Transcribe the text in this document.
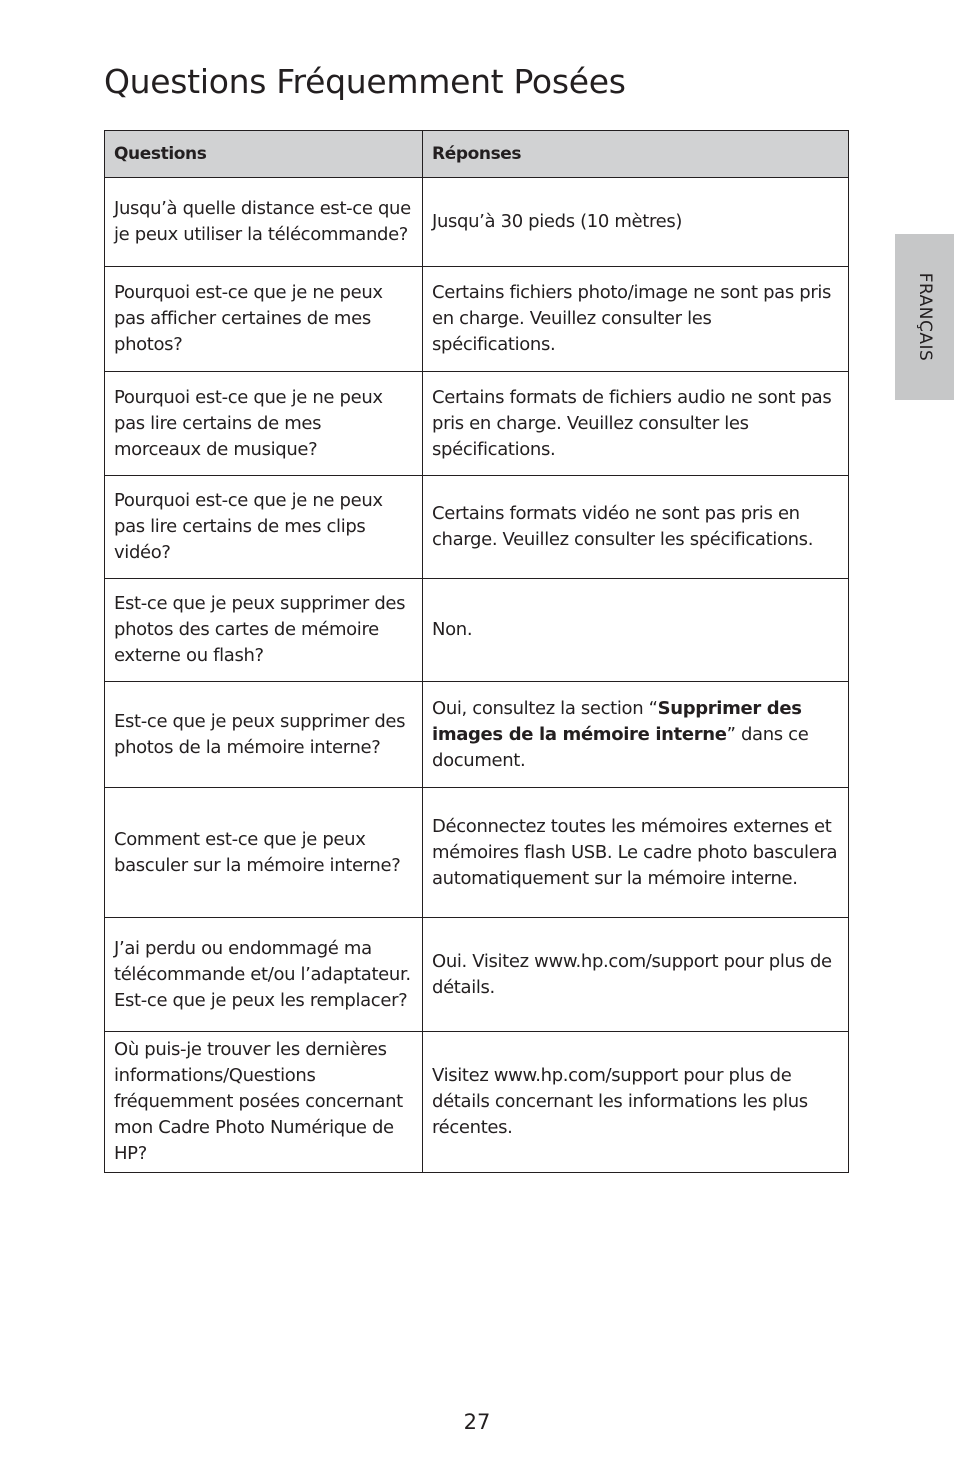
Questions Fréquemment Posées
FRANÇAIS
Questions	Réponses
Jusqu’à quelle distance est-ce que je peux utiliser la télécommande?	Jusqu’à 30 pieds (10 mètres)
Pourquoi est-ce que je ne peux pas afficher certaines de mes photos?	Certains fichiers photo/image ne sont pas pris en charge. Veuillez consulter les spécifications.
Pourquoi est-ce que je ne peux pas lire certains de mes morceaux de musique?	Certains formats de fichiers audio ne sont pas pris en charge. Veuillez consulter les spécifications.
Pourquoi est-ce que je ne peux pas lire certains de mes clips vidéo?	Certains formats vidéo ne sont pas pris en charge. Veuillez consulter les spécifications.
Est-ce que je peux supprimer des photos des cartes de mémoire externe ou flash?	Non.
Est-ce que je peux supprimer des photos de la mémoire interne?	Oui, consultez la section “Supprimer des images de la mémoire interne” dans ce document.
Comment est-ce que je peux basculer sur la mémoire interne?	Déconnectez toutes les mémoires externes et mémoires flash USB. Le cadre photo basculera automatiquement sur la mémoire interne.
J’ai perdu ou endommagé ma télécommande et/ou l’adaptateur. Est-ce que je peux les remplacer?	Oui. Visitez www.hp.com/support pour plus de détails.
Où puis-je trouver les dernières informations/Questions fréquemment posées concernant mon Cadre Photo Numérique de HP?	Visitez www.hp.com/support pour plus de détails concernant les informations les plus récentes.
27
